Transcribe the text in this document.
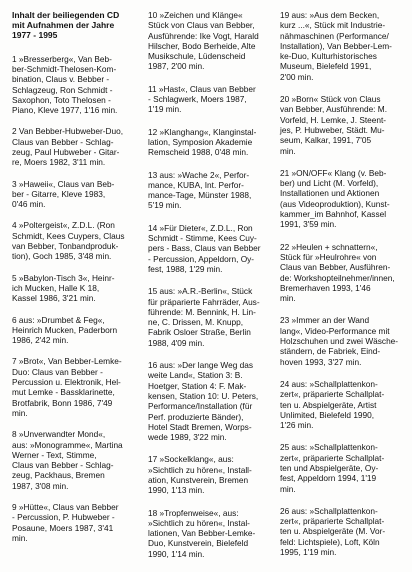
Inhalt der beiliegenden CD
mit Aufnahmen der Jahre
1977 - 1995
1 »Bresserberg«, Van Beb-
ber-Schmidt-Thelosen-Kom-
bination, Claus v. Bebber -
Schlagzeug, Ron Schmidt -
Saxophon, Toto Thelosen -
Piano, Kleve 1977, 1'16 min.
2 Van Bebber-Hubweber-Duo,
Claus van Bebber - Schlag-
zeug, Paul Hubweber - Gitar-
re, Moers 1982, 3'11 min.
3 »Haweii«, Claus van Beb-
ber - Gitarre, Kleve 1983,
0'46 min.
4 »Poltergeist«, Z.D.L. (Ron
Schmidt, Kees Cuypers, Claus
van Bebber, Tonbandproduk-
tion), Goch 1985, 3'48 min.
5 »Babylon-Tisch 3«, Heinr-
ich Mucken, Halle K 18,
Kassel 1986, 3'21 min.
6 aus: »Drumbet & Feg«,
Heinrich Mucken, Paderborn
1986, 2'42 min.
7 »Brot«, Van Bebber-Lemke-
Duo: Claus van Bebber -
Percussion u. Elektronik, Hel-
mut Lemke - Bassklarinette,
Brotfabrik, Bonn 1986, 7'49
min.
8 »Unverwandter Mond«,
aus: »Monogramme«, Martina
Werner - Text, Stimme,
Claus van Bebber - Schlag-
zeug, Packhaus, Bremen
1987, 3'08 min.
9 »Hütte«, Claus van Bebber
- Percussion, P. Hubweber -
Posaune, Moers 1987, 3'41
min.
10 »Zeichen und Klänge«
Stück von Claus van Bebber,
Ausführende: Ike Vogt, Harald
Hilscher, Bodo Berheide, Alte
Musikschule, Lüdenscheid
1987, 2'00 min.
11 »Hast«, Claus van Bebber
- Schlagwerk, Moers 1987,
1'19 min.
12 »Klanghang«, Klanginstal-
lation, Symposion Akademie
Remscheid 1988, 0'48 min.
13 aus: »Wache 2«, Perfor-
mance, KUBA, Int. Perfor-
mance-Tage, Münster 1988,
5'19 min.
14 »Für Dieter«, Z.D.L., Ron
Schmidt - Stimme, Kees Cuy-
pers - Bass, Claus van Bebber
- Percussion, Appeldorn, Oy-
fest, 1988, 1'29 min.
15 aus: »A.R.-Berlin«, Stück
für präparierte Fahrräder, Aus-
führende: M. Bennink, H. Lin-
ne, C. Drissen, M. Knupp,
Fabrik Osloer Straße, Berlin
1988, 4'09 min.
16 aus: »Der lange Weg das
weite Land«, Station 3: B.
Hoetger, Station 4: F. Mak-
kensen, Station 10: U. Peters,
Performance/Installation (für
Perf. produzierte Bänder),
Hotel Stadt Bremen, Worps-
wede 1989, 3'22 min.
17 »Sockelklang«, aus:
»Sichtlich zu hören«, Install-
ation, Kunstverein, Bremen
1990, 1'13 min.
18 »Tropfenweise«, aus:
»Sichtlich zu hören«, Instal-
lationen, Van Bebber-Lemke-
Duo, Kunstverein, Bielefeld
1990, 1'14 min.
19 aus: »Aus dem Becken,
kurz ...«, Stück mit Industrie-
nähmaschinen (Performance/
Installation), Van Bebber-Lem-
ke-Duo, Kulturhistorisches
Museum, Bielefeld 1991,
2'00 min.
20 »Born« Stück von Claus
van Bebber, Ausführende: M.
Vorfeld, H. Lemke, J. Steent-
jes, P. Hubweber, Städt. Mu-
seum, Kalkar, 1991, 7'05
min.
21 »ON/OFF« Klang (v. Beb-
ber) und Licht (M. Vorfeld),
Installationen und Aktionen
(aus Videoproduktion), Kunst-
kammer_im Bahnhof, Kassel
1991, 3'59 min.
22 »Heulen + schnattern«,
Stück für »Heulrohre« von
Claus van Bebber, Ausführen-
de: Workshopteilnehmer/innen,
Bremerhaven 1993, 1'46
min.
23 »Immer an der Wand
lang«, Video-Performance mit
Holzschuhen und zwei Wäsche-
ständern, de Fabriek, Eind-
hoven 1993, 3'27 min.
24 aus: »Schallplattenkon-
zert«, präparierte Schallplat-
ten u. Abspielgeräte, Artist
Unlimited, Bielefeld 1990,
1'26 min.
25 aus: »Schallplattenkon-
zert«, präparierte Schallplat-
ten und Abspielgeräte, Oy-
fest, Appeldorn 1994, 1'19
min.
26 aus: »Schallplattenkon-
zert«, präparierte Schallplat-
ten u. Abspielgeräte (M. Vor-
feld: Lichtspiele), Loft, Köln
1995, 1'19 min.
